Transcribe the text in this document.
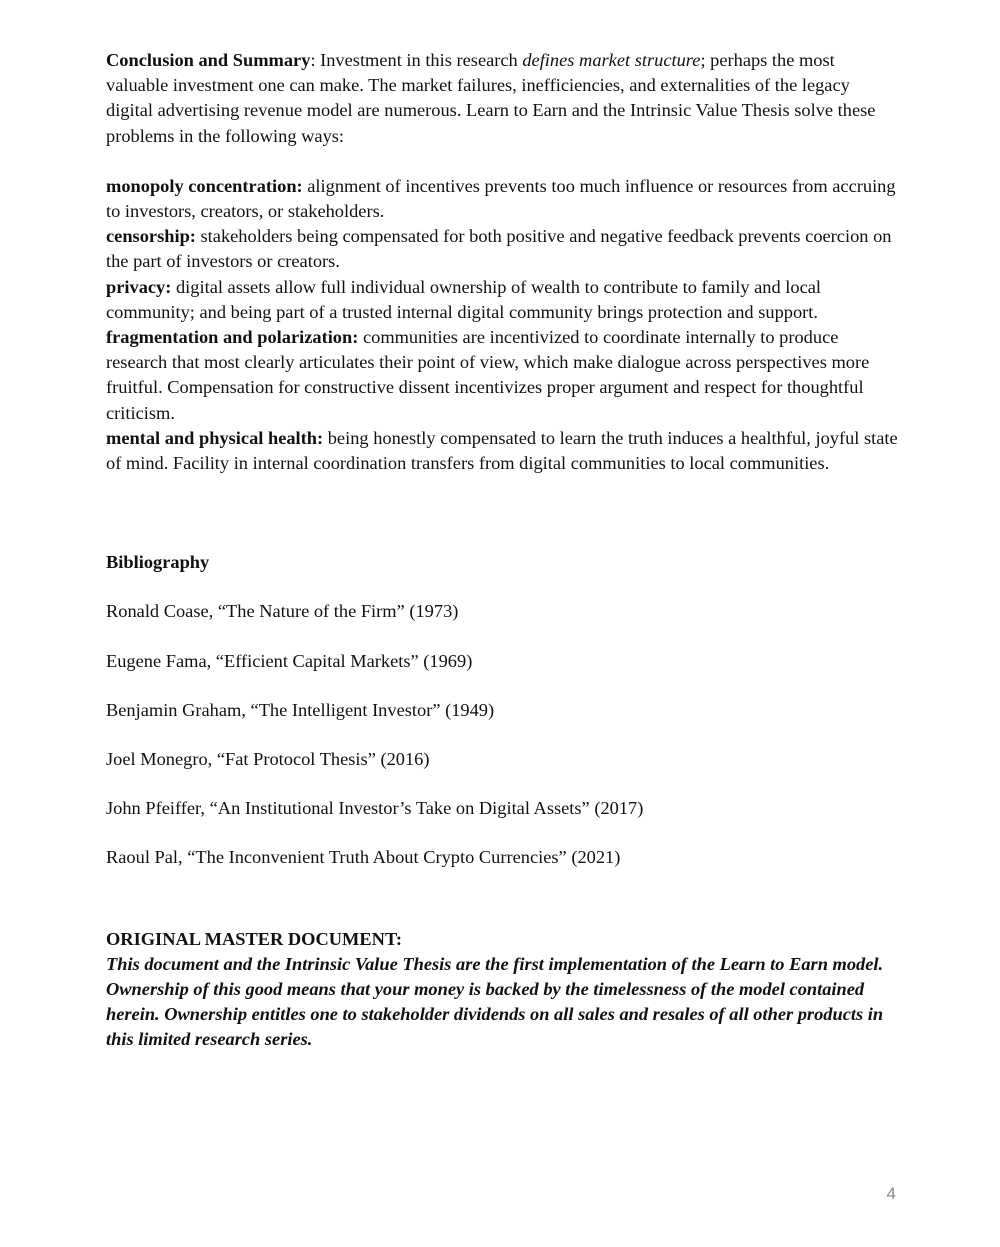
Conclusion and Summary: Investment in this research defines market structure; perhaps the most valuable investment one can make. The market failures, inefficiencies, and externalities of the legacy digital advertising revenue model are numerous. Learn to Earn and the Intrinsic Value Thesis solve these problems in the following ways:

monopoly concentration: alignment of incentives prevents too much influence or resources from accruing to investors, creators, or stakeholders.

censorship: stakeholders being compensated for both positive and negative feedback prevents coercion on the part of investors or creators.

privacy: digital assets allow full individual ownership of wealth to contribute to family and local community; and being part of a trusted internal digital community brings protection and support.

fragmentation and polarization: communities are incentivized to coordinate internally to produce research that most clearly articulates their point of view, which make dialogue across perspectives more fruitful. Compensation for constructive dissent incentivizes proper argument and respect for thoughtful criticism.

mental and physical health: being honestly compensated to learn the truth induces a healthful, joyful state of mind. Facility in internal coordination transfers from digital communities to local communities.

Bibliography

Ronald Coase, “The Nature of the Firm” (1973)

Eugene Fama, “Efficient Capital Markets” (1969)

Benjamin Graham, “The Intelligent Investor” (1949)

Joel Monegro, “Fat Protocol Thesis” (2016)

John Pfeiffer, “An Institutional Investor’s Take on Digital Assets” (2017)

Raoul Pal, “The Inconvenient Truth About Crypto Currencies” (2021)

ORIGINAL MASTER DOCUMENT:

This document and the Intrinsic Value Thesis are the first implementation of the Learn to Earn model. Ownership of this good means that your money is backed by the timelessness of the model contained herein. Ownership entitles one to stakeholder dividends on all sales and resales of all other products in this limited research series.

4
